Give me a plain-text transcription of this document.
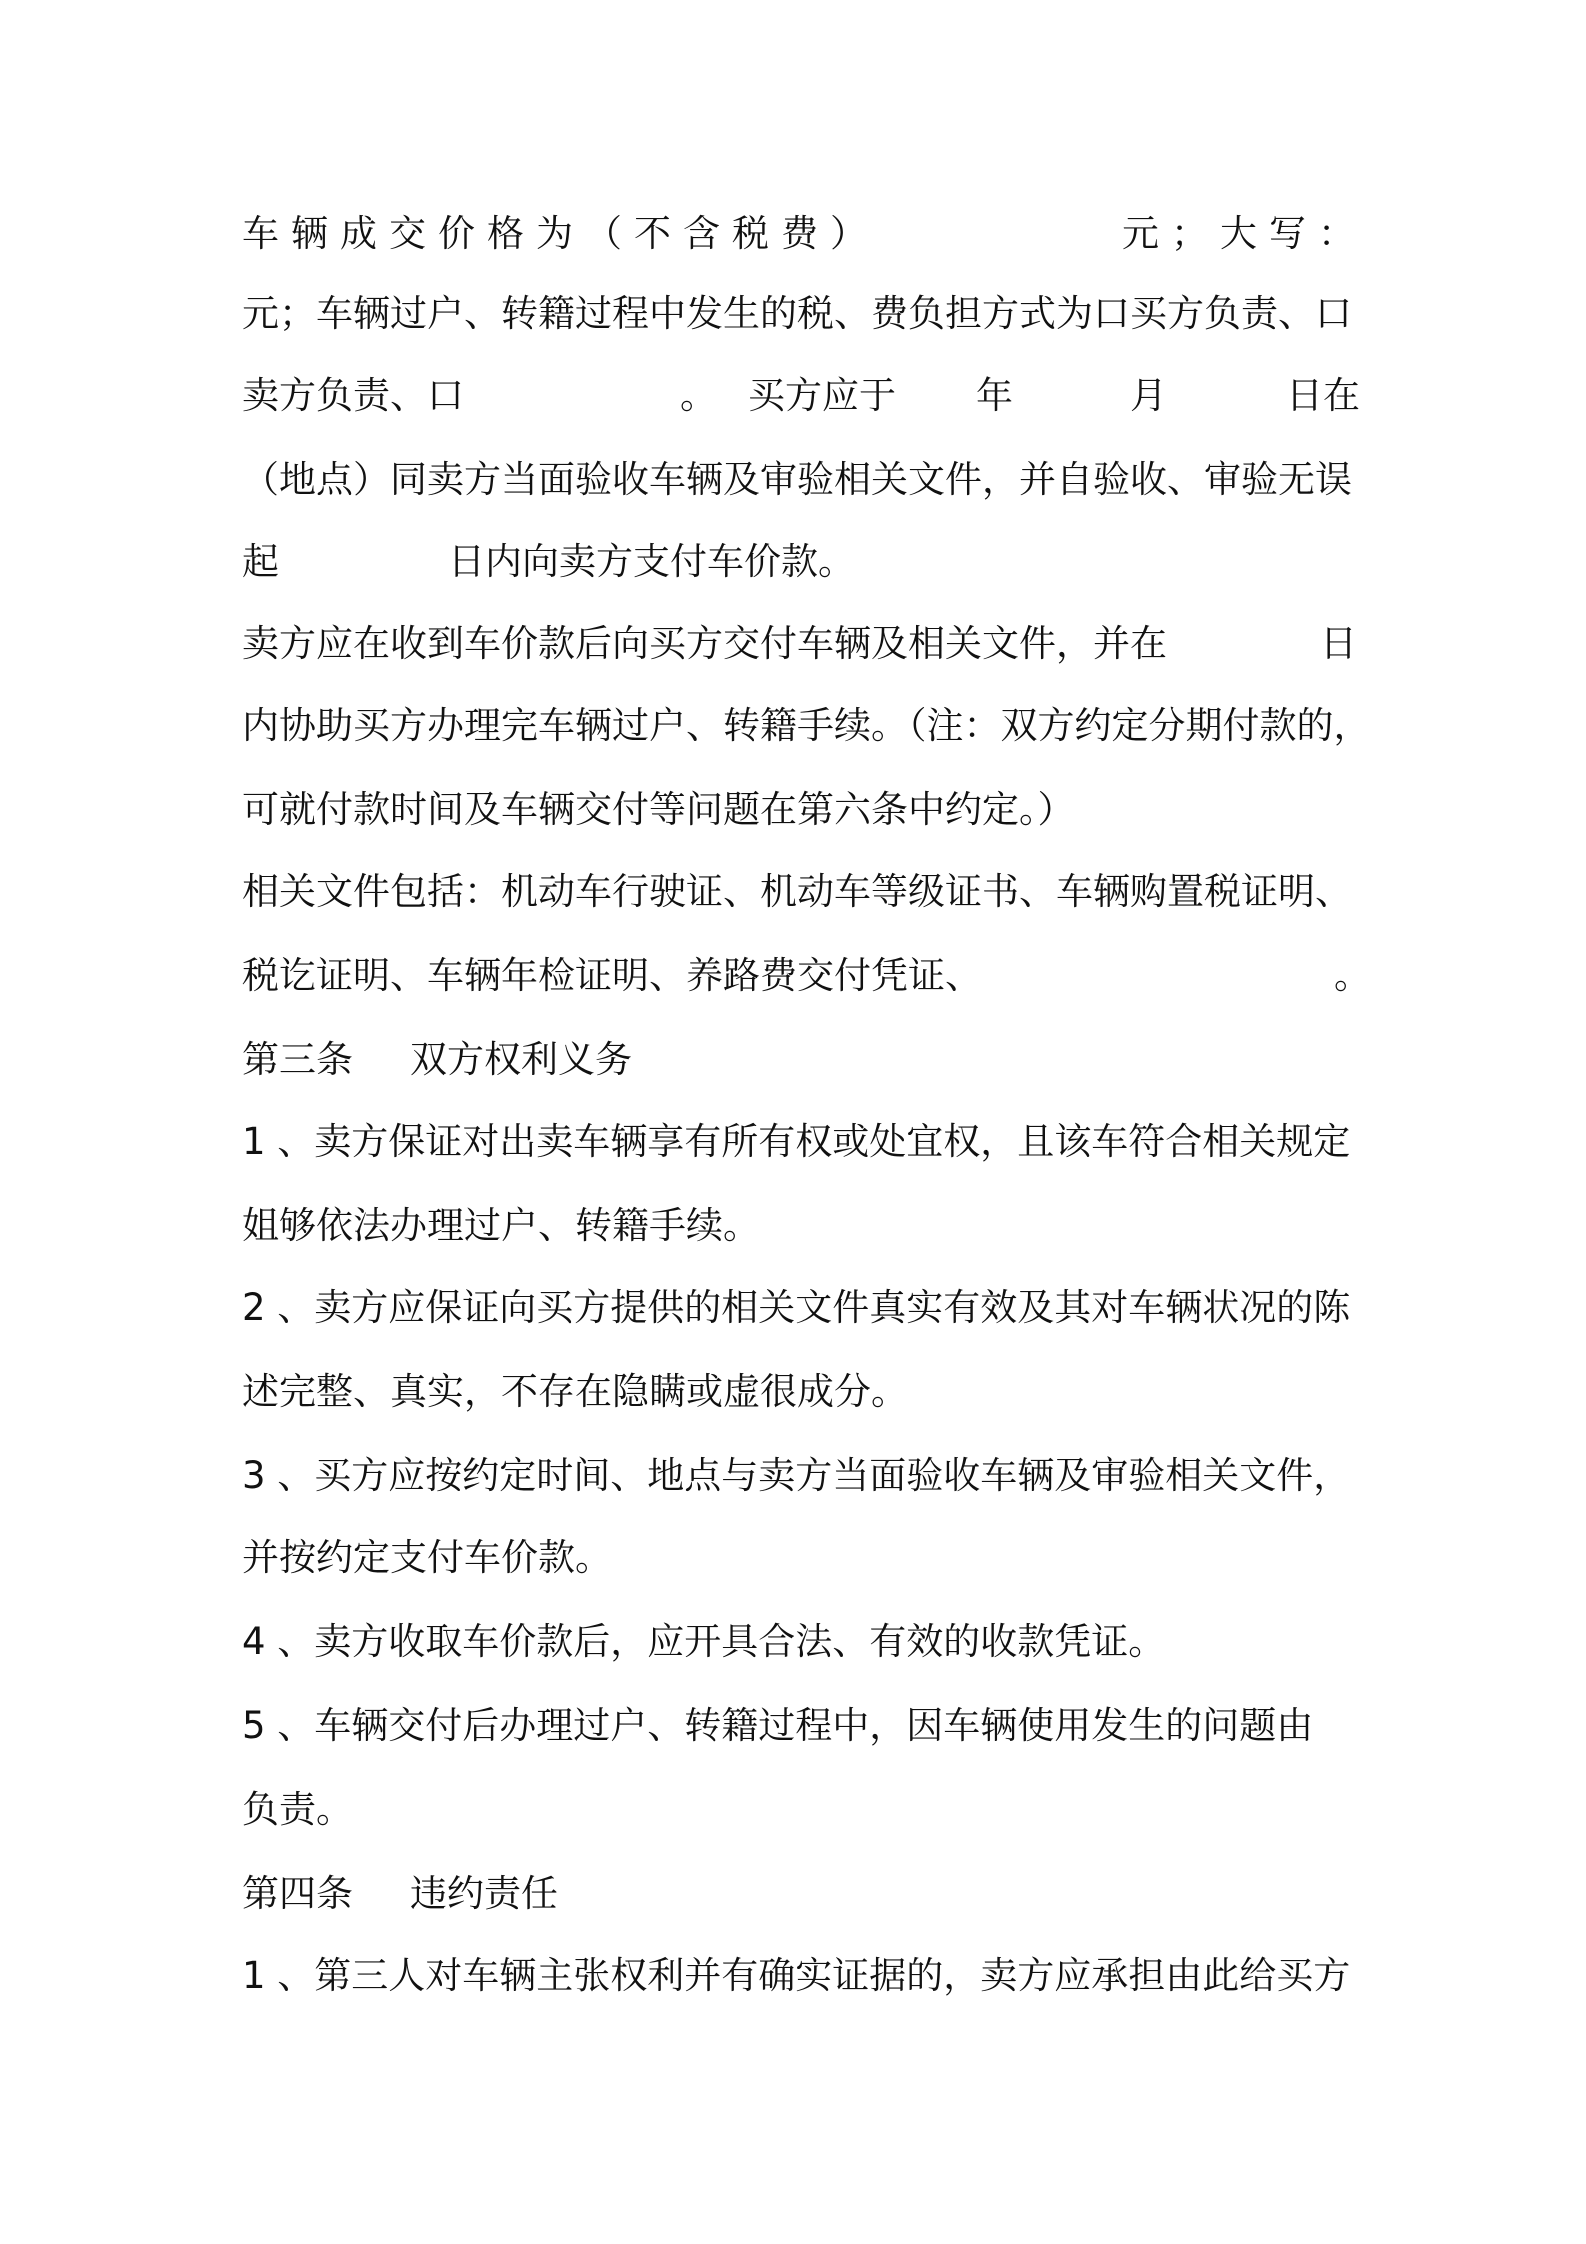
车辆成交价格为（不含税费）	元；大写：
元；车辆过户、转籍过程中发生的税、费负担方式为口买方负责、口
卖方负责、口	。 买方应于 年	月	日在
（地点）同卖方当面验收车辆及审验相关文件，并自验收、审验无误
起	日内向卖方支付车价款。
卖方应在收到车价款后向买方交付车辆及相关文件，并在	日
内协助买方办理完车辆过户、转籍手续。（注：双方约定分期付款的，
可就付款时间及车辆交付等问题在第六条中约定。）
相关文件包括：机动车行驶证、机动车等级证书、车辆购置税证明、
税讫证明、车辆年检证明、养路费交付凭证、	。
第三条 双方权利义务
1 、卖方保证对出卖车辆享有所有权或处宜权，且该车符合相关规定
姐够依法办理过户、转籍手续。
2 、卖方应保证向买方提供的相关文件真实有效及其对车辆状况的陈
述完整、真实，不存在隐瞒或虚很成分。
3 、买方应按约定时间、地点与卖方当面验收车辆及审验相关文件，
并按约定支付车价款。
4 、卖方收取车价款后，应开具合法、有效的收款凭证。
5 、车辆交付后办理过户、转籍过程中，因车辆使用发生的问题由
负责。
第四条 违约责任
1 、第三人对车辆主张权利并有确实证据的，卖方应承担由此给买方
